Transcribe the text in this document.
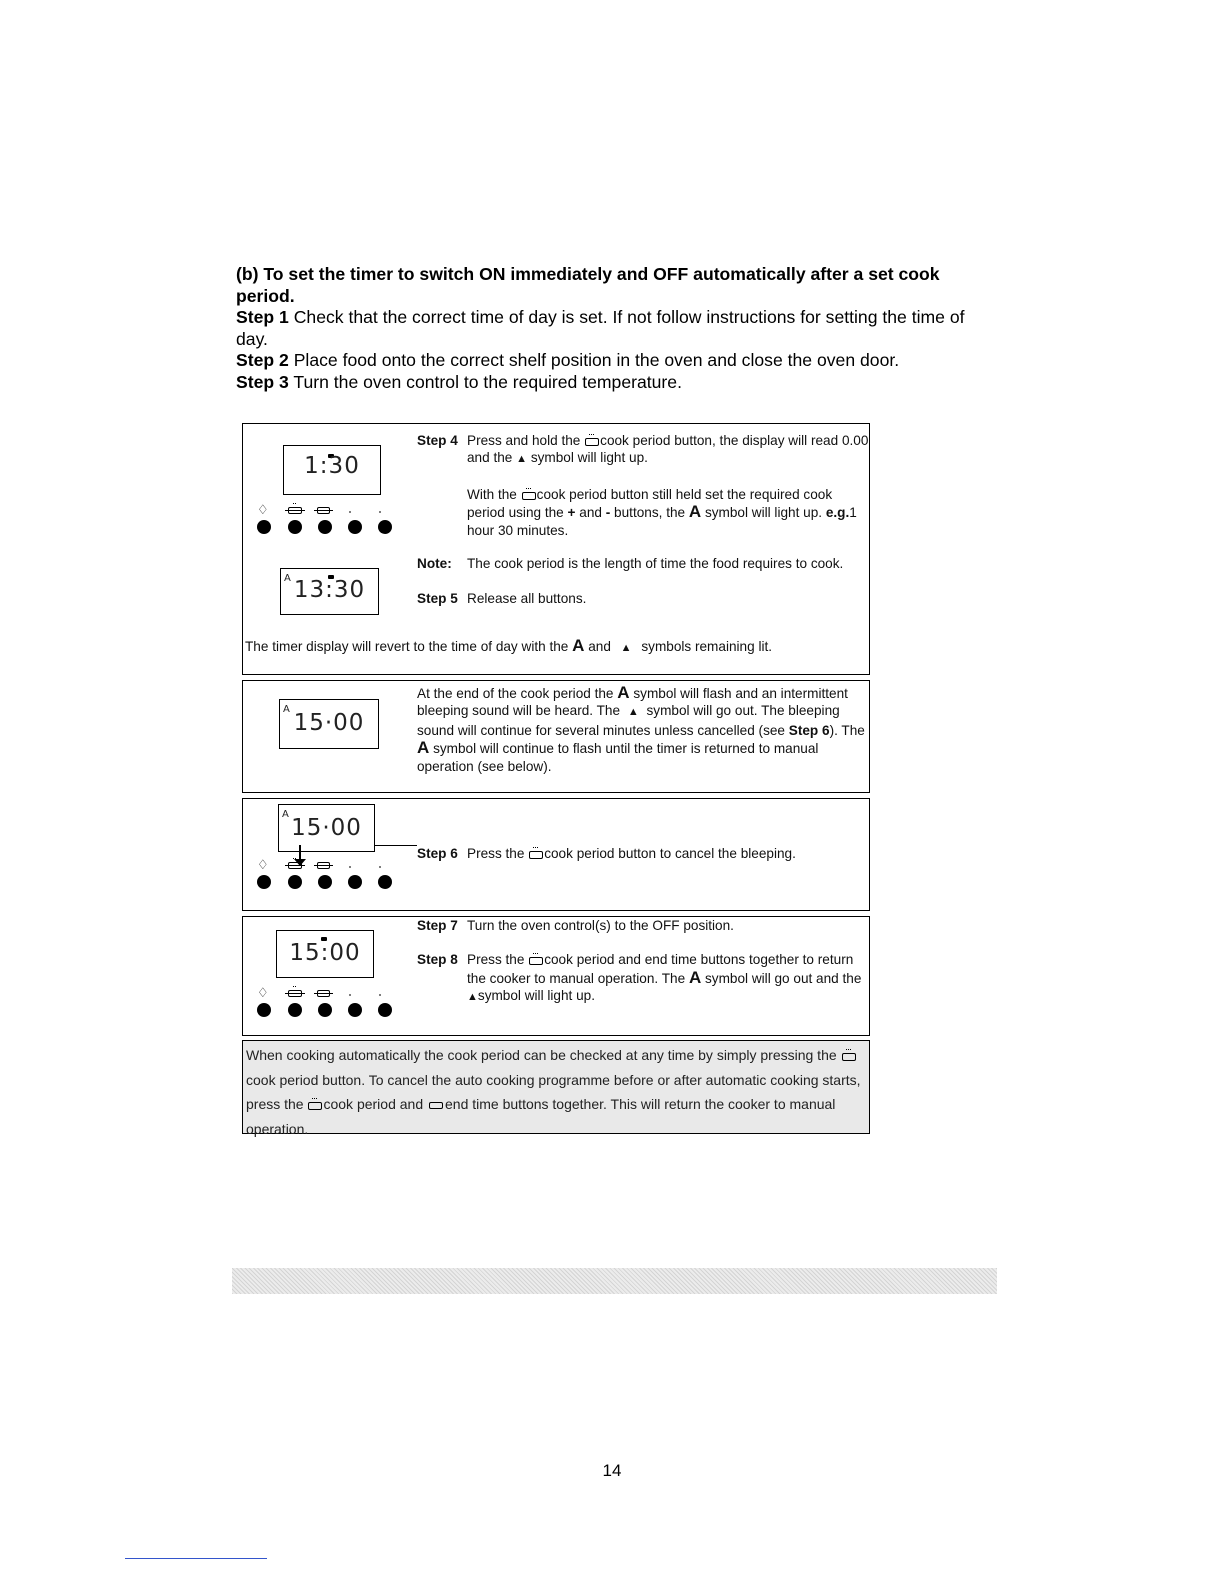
(b) To set the timer to switch ON immediately and OFF automatically after a set cook period.

Step 1 Check that the correct time of day is set. If not follow instructions for setting the time of day.

Step 2 Place food onto the correct shelf position in the oven and close the oven door.

Step 3 Turn the oven control to the required temperature.

1:30
♢
A 13:30
Step 4 Press and hold the cook period button, the display will read 0.00 and the ▲ symbol will light up.
With the cook period button still held set the required cook period using the + and - buttons, the A symbol will light up. e.g.1 hour 30 minutes.
Note:	The cook period is the length of time the food requires to cook.
Step 5 Release all buttons.
The timer display will revert to the time of day with the A and ▲ symbols remaining lit.
A
15·00
At the end of the cook period the A symbol will flash and an intermittent bleeping sound will be heard. The ▲ symbol will go out. The bleeping sound will continue for several minutes unless cancelled (see Step 6). The A symbol will continue to flash until the timer is returned to manual operation (see below).
A
15·00
♢
Step 6 Press the cook period button to cancel the bleeping.
15:00
♢
Step 7 Turn the oven control(s) to the OFF position.
Step 8 Press the cook period and end time buttons together to return the cooker to manual operation. The A symbol will go out and the ▲symbol will light up.
When cooking automatically the cook period can be checked at any time by simply pressing the cook period button. To cancel the auto cooking programme before or after automatic cooking starts, press the cook period and end time buttons together. This will return the cooker to manual operation.
14
